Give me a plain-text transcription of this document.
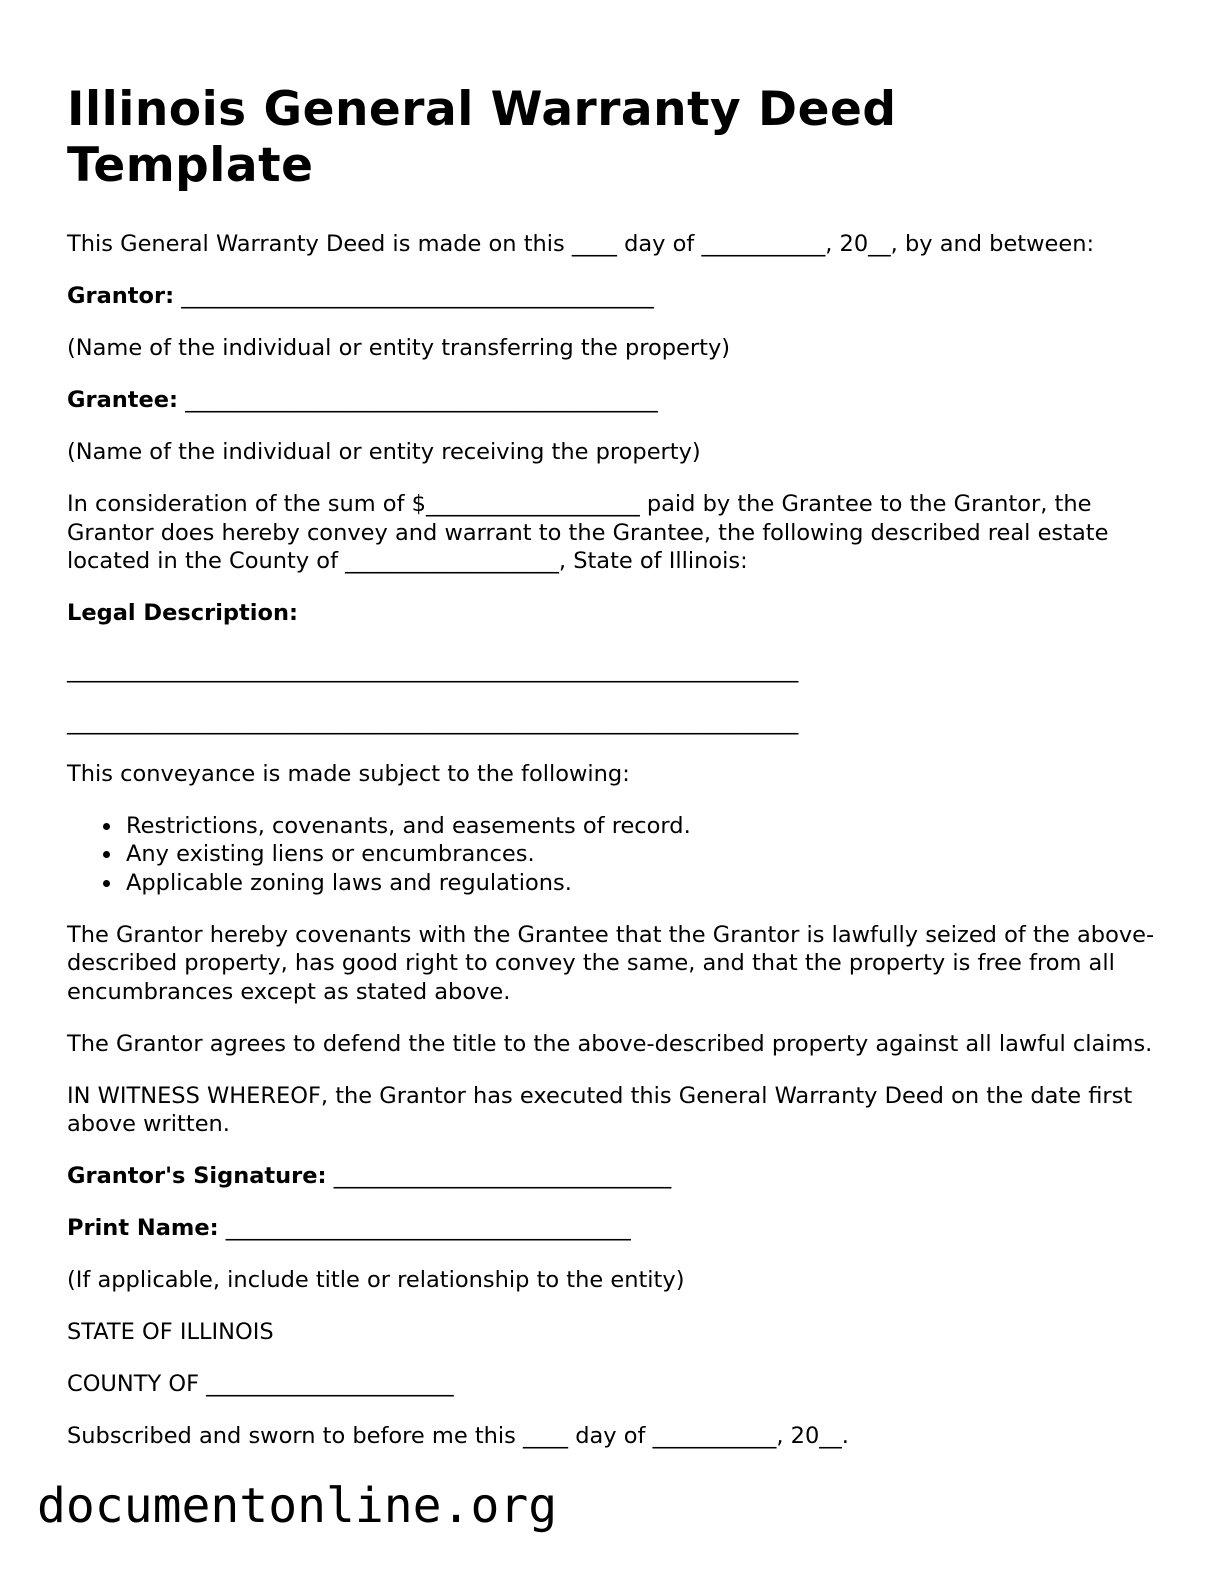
Illinois General Warranty Deed Template

This General Warranty Deed is made on this ____ day of ___________, 20__, by and between:

Grantor: __________________________________________

(Name of the individual or entity transferring the property)

Grantee: __________________________________________

(Name of the individual or entity receiving the property)

In consideration of the sum of $___________________ paid by the Grantee to the Grantor, the Grantor does hereby convey and warrant to the Grantee, the following described real estate located in the County of ___________________, State of Illinois:

Legal Description:

_________________________________________________________________

_________________________________________________________________

This conveyance is made subject to the following:

Restrictions, covenants, and easements of record.
Any existing liens or encumbrances.
Applicable zoning laws and regulations.

The Grantor hereby covenants with the Grantee that the Grantor is lawfully seized of the above-described property, has good right to convey the same, and that the property is free from all encumbrances except as stated above.

The Grantor agrees to defend the title to the above-described property against all lawful claims.

IN WITNESS WHEREOF, the Grantor has executed this General Warranty Deed on the date first above written.

Grantor's Signature: ______________________________

Print Name: ____________________________________

(If applicable, include title or relationship to the entity)

STATE OF ILLINOIS

COUNTY OF ______________________

Subscribed and sworn to before me this ____ day of ___________, 20__.

documentonline.org
